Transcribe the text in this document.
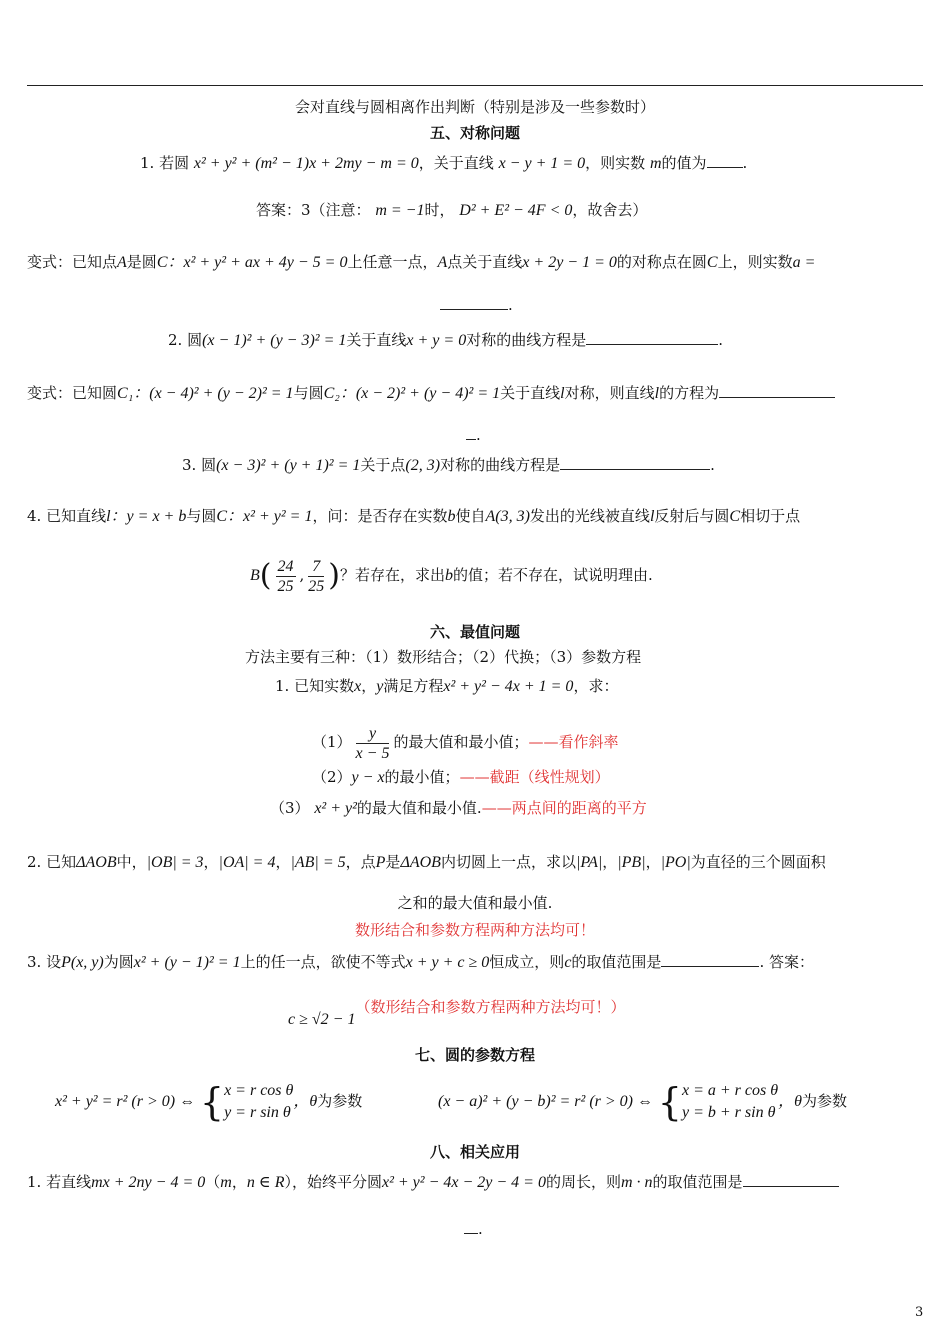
会对直线与圆相离作出判断（特别是涉及一些参数时）
五、对称问题
1. 若圆 x² + y² + (m² − 1)x + 2my − m = 0，关于直线 x − y + 1 = 0，则实数 m的值为 .
答案：3（注意： m = −1时， D² + E² − 4F < 0，故舍去）
变式：已知点A是圆C：x² + y² + ax + 4y − 5 = 0上任意一点，A点关于直线x + 2y − 1 = 0的对称点在圆C上，则实数a =
.
2. 圆(x − 1)² + (y − 3)² = 1关于直线x + y = 0对称的曲线方程是	.
变式：已知圆C₁：(x − 4)² + (y − 2)² = 1与圆C₂：(x − 2)² + (y − 4)² = 1关于直线l对称，则直线l的方程为
.
3. 圆(x − 3)² + (y + 1)² = 1关于点(2, 3)对称的曲线方程是	.
4. 已知直线l：y = x + b与圆C：x² + y² = 1，问：是否存在实数b使自A(3, 3)发出的光线被直线l反射后与圆C相切于点
$B( \frac{24}{25}$ , $\frac{7}{25}$ )？若存在，求出b的值；若不存在，试说明理由.
六、最值问题
方法主要有三种：（1）数形结合；（2）代换；（3）参数方程
1. 已知实数x，y满足方程x² + y² − 4x + 1 = 0，求：
$(1) \frac{y}{x - 5}$ 的最大值和最小值；——看作斜率
（2）y − x的最小值；——截距（线性规划）
（3） x² + y²的最大值和最小值.——两点间的距离的平方
2. 已知ΔAOB中，|OB| = 3，|OA| = 4，|AB| = 5，点P是ΔAOB内切圆上一点，求以|PA|，|PB|，|PO|为直径的三个圆面积
之和的最大值和最小值.
数形结合和参数方程两种方法均可！
3. 设P(x, y)为圆x² + (y − 1)² = 1上的任一点，欲使不等式x + y + c ≥ 0恒成立，则c的取值范围是	. 答案：
c ≥ √2 − 1（数形结合和参数方程两种方法均可！）
七、圆的参数方程
x² + y² = r² (r > 0) ⇔ { x = r cos θ
y = r sin θ
，θ为参数	(x − a)² + (y − b)² = r² (r > 0) ⇔ { x = a + r cos θ
y = b + r sin θ
，θ为参数
八、相关应用
1. 若直线mx + 2ny − 4 = 0（m，n ∈ R），始终平分圆x² + y² − 4x − 2y − 4 = 0的周长，则m · n的取值范围是
.
3
